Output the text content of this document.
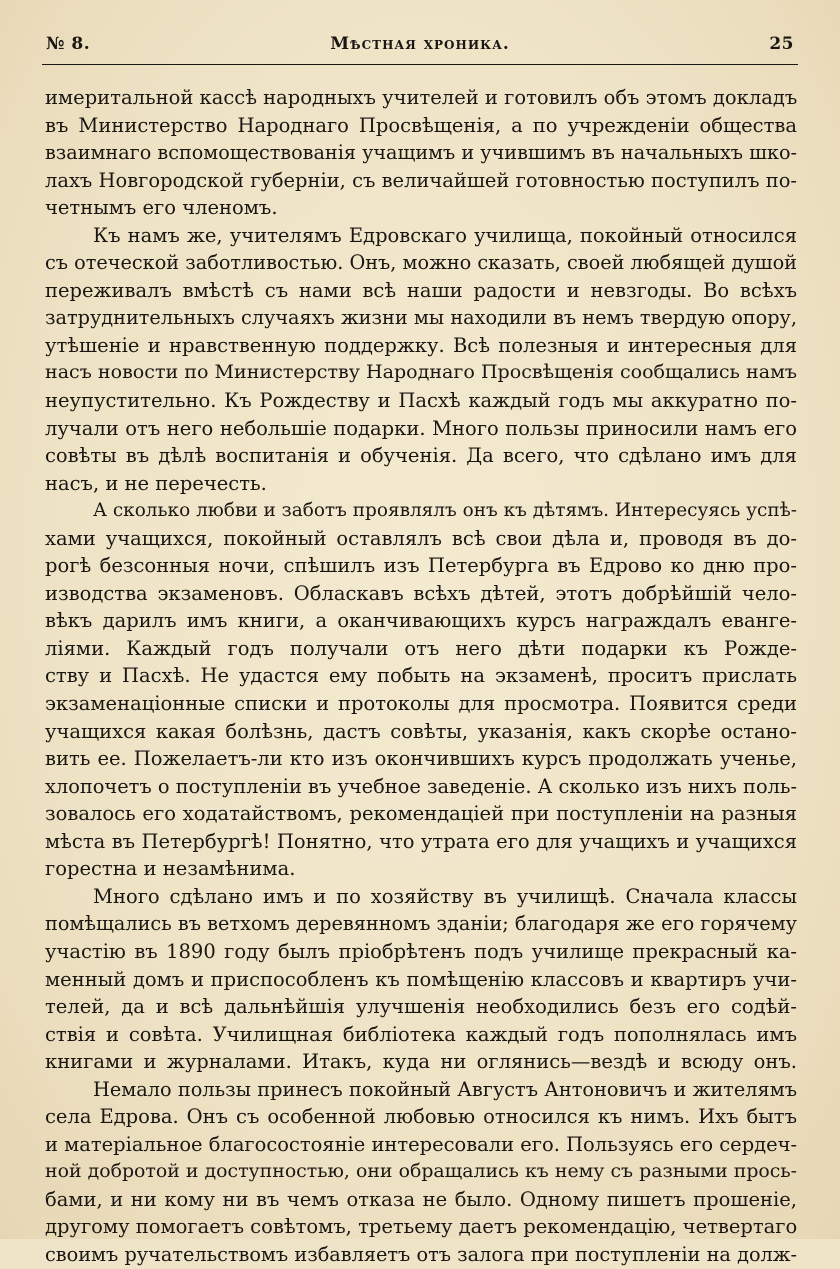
№ 8.	Мѣстная хроника.	25
имеритальной кассѣ народныхъ учителей и готовилъ объ этомъ докладъ
въ Министерство Народнаго Просвѣщенія, а по учрежденіи общества
взаимнаго вспомоществованія учащимъ и учившимъ въ начальныхъ шко-
лахъ Новгородской губерніи, съ величайшей готовностью поступилъ по-
четнымъ его членомъ.
Къ намъ же, учителямъ Едровскаго училища, покойный относился
съ отеческой заботливостью. Онъ, можно сказать, своей любящей душой
переживалъ вмѣстѣ съ нами всѣ наши радости и невзгоды. Во всѣхъ
затруднительныхъ случаяхъ жизни мы находили въ немъ твердую опору,
утѣшеніе и нравственную поддержку. Всѣ полезныя и интересныя для
насъ новости по Министерству Народнаго Просвѣщенія сообщались намъ
неупустительно. Къ Рождеству и Пасхѣ каждый годъ мы аккуратно по-
лучали отъ него небольшіе подарки. Много пользы приносили намъ его
совѣты въ дѣлѣ воспитанія и обученія. Да всего, что сдѣлано имъ для
насъ, и не перечесть.
А сколько любви и заботъ проявлялъ онъ къ дѣтямъ. Интересуясь успѣ-
хами учащихся, покойный оставлялъ всѣ свои дѣла и, проводя въ до-
рогѣ безсонныя ночи, спѣшилъ изъ Петербурга въ Едрово ко дню про-
изводства экзаменовъ. Обласкавъ всѣхъ дѣтей, этотъ добрѣйшій чело-
вѣкъ дарилъ имъ книги, а оканчивающихъ курсъ награждалъ еванге-
ліями. Каждый годъ получали отъ него дѣти подарки къ Рожде-
ству и Пасхѣ. Не удастся ему побыть на экзаменѣ, проситъ прислать
экзаменаціонные списки и протоколы для просмотра. Появится среди
учащихся какая болѣзнь, дастъ совѣты, указанія, какъ скорѣе остано-
вить ее. Пожелаетъ-ли кто изъ окончившихъ курсъ продолжать ученье,
хлопочетъ о поступленіи въ учебное заведеніе. А сколько изъ нихъ поль-
зовалось его ходатайствомъ, рекомендаціей при поступленіи на разныя
мѣста въ Петербургѣ! Понятно, что утрата его для учащихъ и учащихся
горестна и незамѣнима.
Много сдѣлано имъ и по хозяйству въ училищѣ. Сначала классы
помѣщались въ ветхомъ деревянномъ зданіи; благодаря же его горячему
участію въ 1890 году былъ пріобрѣтенъ подъ училище прекрасный ка-
менный домъ и приспособленъ къ помѣщенію классовъ и квартиръ учи-
телей, да и всѣ дальнѣйшія улучшенія необходились безъ его содѣй-
ствія и совѣта. Училищная библіотека каждый годъ пополнялась имъ
книгами и журналами. Итакъ, куда ни оглянись—вездѣ и всюду онъ.
Немало пользы принесъ покойный Августъ Антоновичъ и жителямъ
села Едрова. Онъ съ особенной любовью относился къ нимъ. Ихъ бытъ
и матеріальное благосостояніе интересовали его. Пользуясь его сердеч-
ной добротой и доступностью, они обращались къ нему съ разными прось-
бами, и ни кому ни въ чемъ отказа не было. Одному пишетъ прошеніе,
другому помогаетъ совѣтомъ, третьему даетъ рекомендацію, четвертаго
своимъ ручательствомъ избавляетъ отъ залога при поступленіи на долж-
